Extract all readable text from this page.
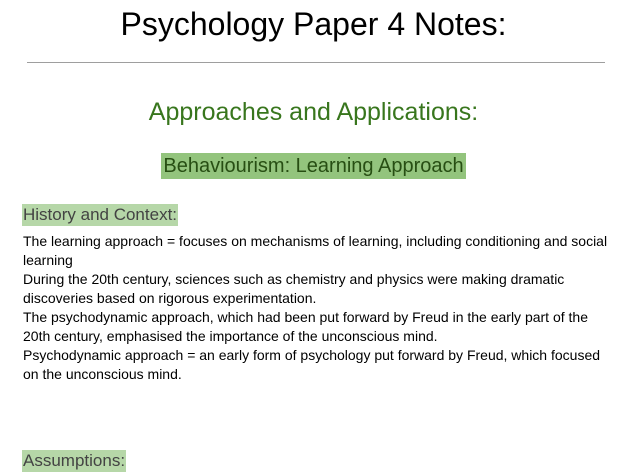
Psychology Paper 4 Notes:
Approaches and Applications:
Behaviourism: Learning Approach
History and Context:

The learning approach = focuses on mechanisms of learning, including conditioning and social learning

During the 20th century, sciences such as chemistry and physics were making dramatic discoveries based on rigorous experimentation.

The psychodynamic approach, which had been put forward by Freud in the early part of the 20th century, emphasised the importance of the unconscious mind.

Psychodynamic approach = an early form of psychology put forward by Freud, which focused on the unconscious mind.

Assumptions:
